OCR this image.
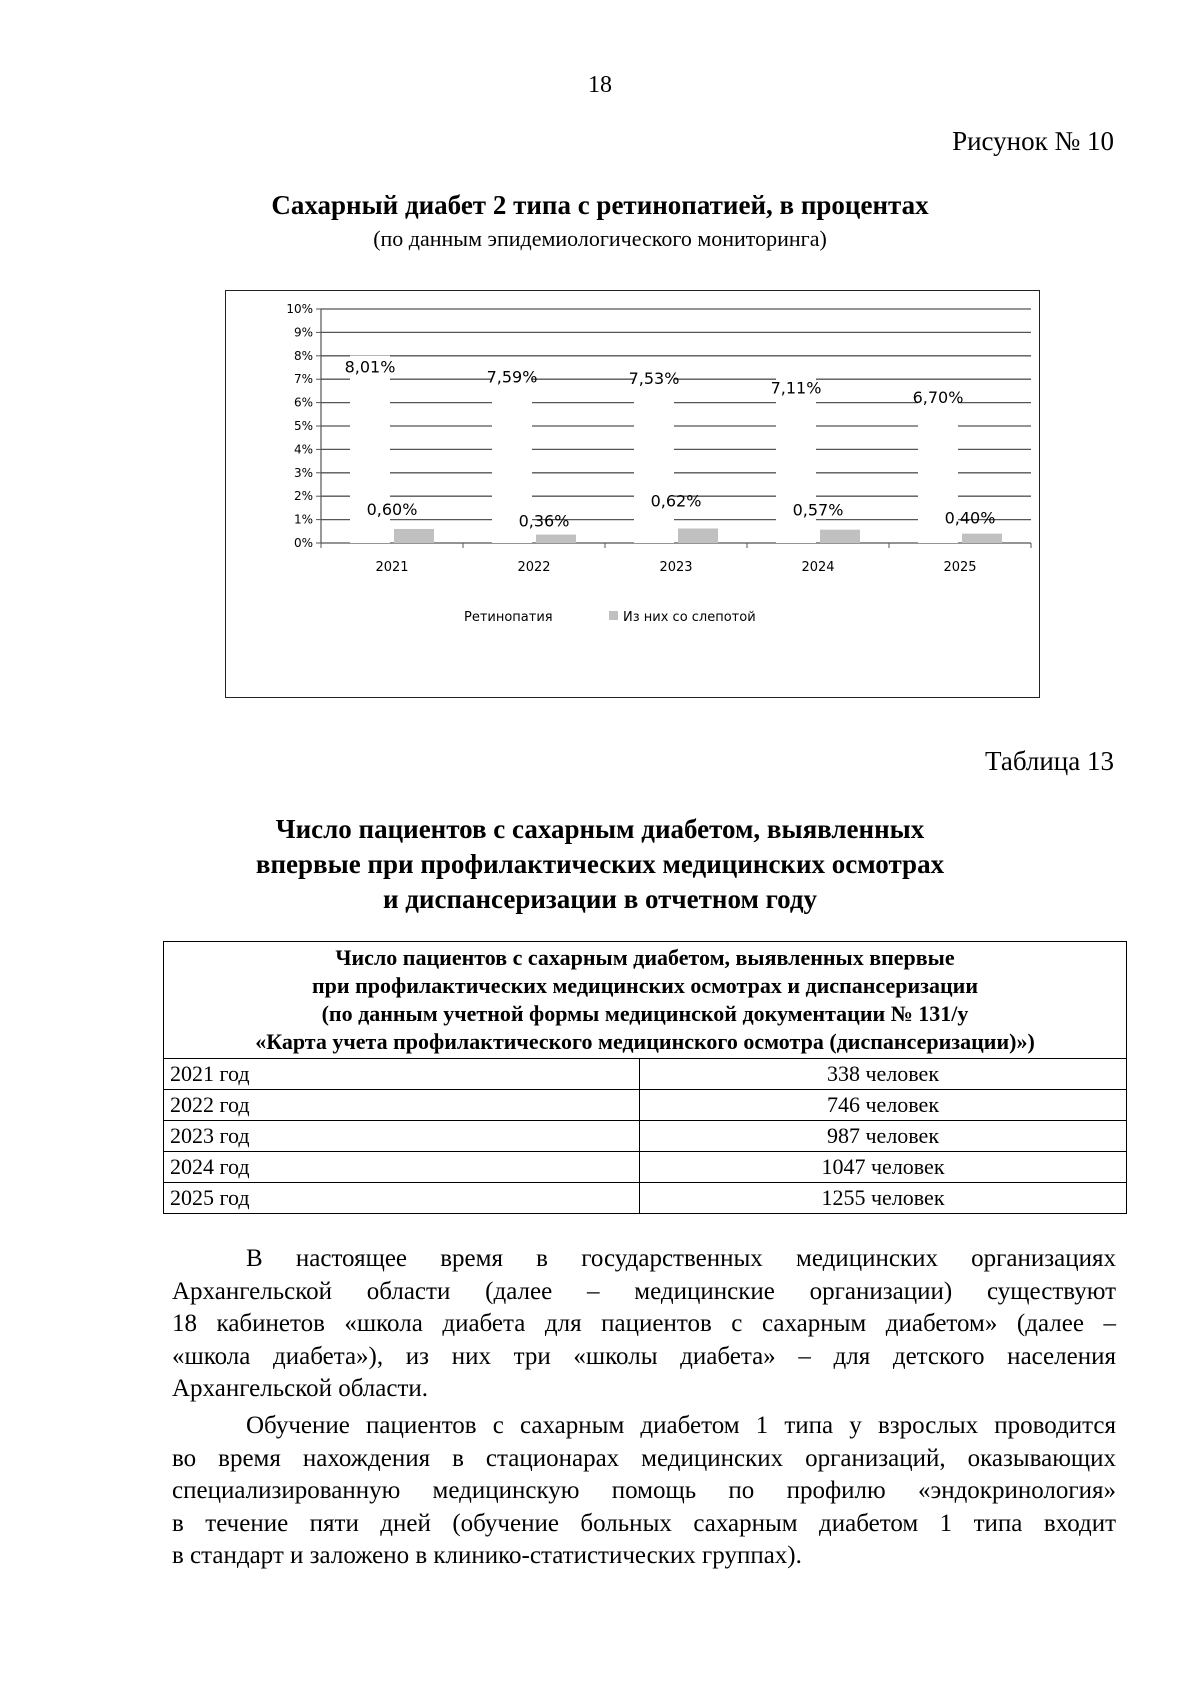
18
Рисунок № 10
Сахарный диабет 2 типа с ретинопатией, в процентах
(по данным эпидемиологического мониторинга)
0%
1%
2%
3%
4%
5%
6%
7%
8%
9%
10%
2021	2022	2023	2024	2025
8,01%
7,59%	7,53%
7,11%
6,70%
0,60%
0,36%
0,62%	0,57%	0,40%
Ретинопатия	Из них со слепотой
Таблица 13
Число пациентов с сахарным диабетом, выявленных
впервые при профилактических медицинских осмотрах
и диспансеризации в отчетном году
Число пациентов с сахарным диабетом, выявленных впервые
при профилактических медицинских осмотрах и диспансеризации
(по данным учетной формы медицинской документации № 131/у
«Карта учета профилактического медицинского осмотра (диспансеризации)»)	

2021 год	338 человек
2022 год	746 человек
2023 год	987 человек
2024 год	1047 человек
2025 год	1255 человек
В настоящее время в государственных медицинских организациях
Архангельской области (далее – медицинские организации) существуют
18 кабинетов «школа диабета для пациентов с сахарным диабетом» (далее –
«школа диабета»), из них три «школы диабета» – для детского населения
Архангельской области.
Обучение пациентов с сахарным диабетом 1 типа у взрослых проводится
во время нахождения в стационарах медицинских организаций, оказывающих
специализированную медицинскую помощь по профилю «эндокринология»
в течение пяти дней (обучение больных сахарным диабетом 1 типа входит
в стандарт и заложено в клинико-статистических группах).
